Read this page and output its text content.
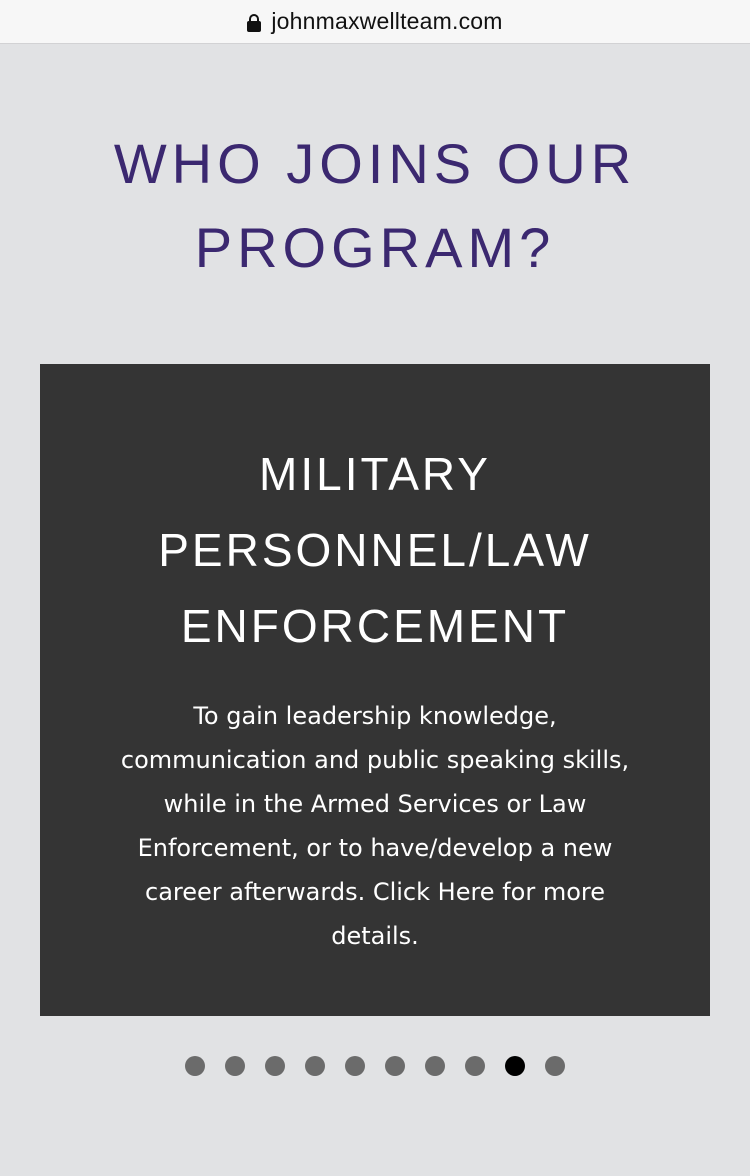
johnmaxwellteam.com
WHO JOINS OUR PROGRAM?
MILITARY PERSONNEL/LAW ENFORCEMENT

To gain leadership knowledge, communication and public speaking skills, while in the Armed Services or Law Enforcement, or to have/develop a new career afterwards. Click Here for more details.
